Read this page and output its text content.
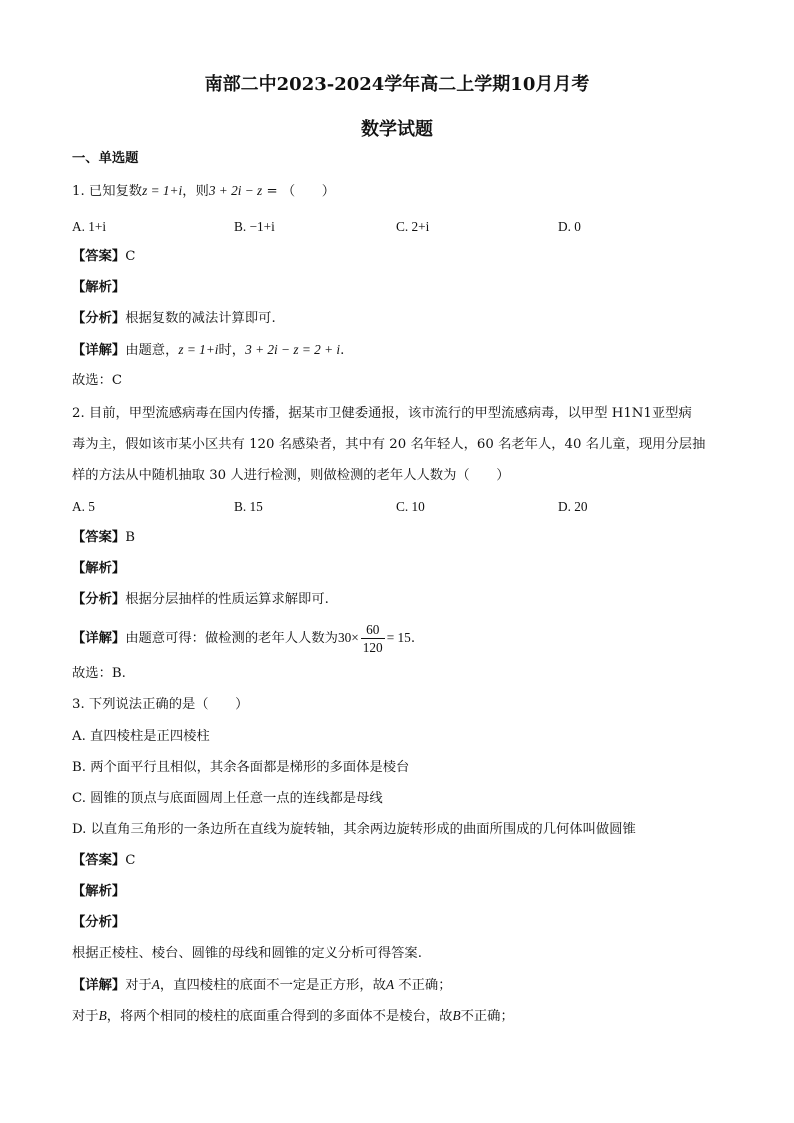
南部二中2023-2024学年高二上学期10月月考
数学试题
一、单选题
1. 已知复数z = 1+i，则3 + 2i − z = （　　）
A. 1+i	B. −1+i	C. 2+i	D. 0
【答案】C
【解析】
【分析】根据复数的减法计算即可.
【详解】由题意，z = 1+i时，3 + 2i − z = 2 + i.
故选：C
2. 目前，甲型流感病毒在国内传播，据某市卫健委通报，该市流行的甲型流感病毒，以甲型 H1N1亚型病
毒为主，假如该市某小区共有 120 名感染者，其中有 20 名年轻人，60 名老年人，40 名儿童，现用分层抽
样的方法从中随机抽取 30 人进行检测，则做检测的老年人人数为（　　）
A. 5	B. 15	C. 10	D. 20
【答案】B
【解析】
【分析】根据分层抽样的性质运算求解即可.
【详解】由题意可得：做检测的老年人人数为$30\times \frac{60}{120} = 15$.
故选：B.
3. 下列说法正确的是（　　）
A. 直四棱柱是正四棱柱
B. 两个面平行且相似，其余各面都是梯形的多面体是棱台
C. 圆锥的顶点与底面圆周上任意一点的连线都是母线
D. 以直角三角形的一条边所在直线为旋转轴，其余两边旋转形成的曲面所围成的几何体叫做圆锥
【答案】C
【解析】
【分析】
根据正棱柱、棱台、圆锥的母线和圆锥的定义分析可得答案.
【详解】对于A，直四棱柱的底面不一定是正方形，故A 不正确；
对于B，将两个相同的棱柱的底面重合得到的多面体不是棱台，故B不正确；
